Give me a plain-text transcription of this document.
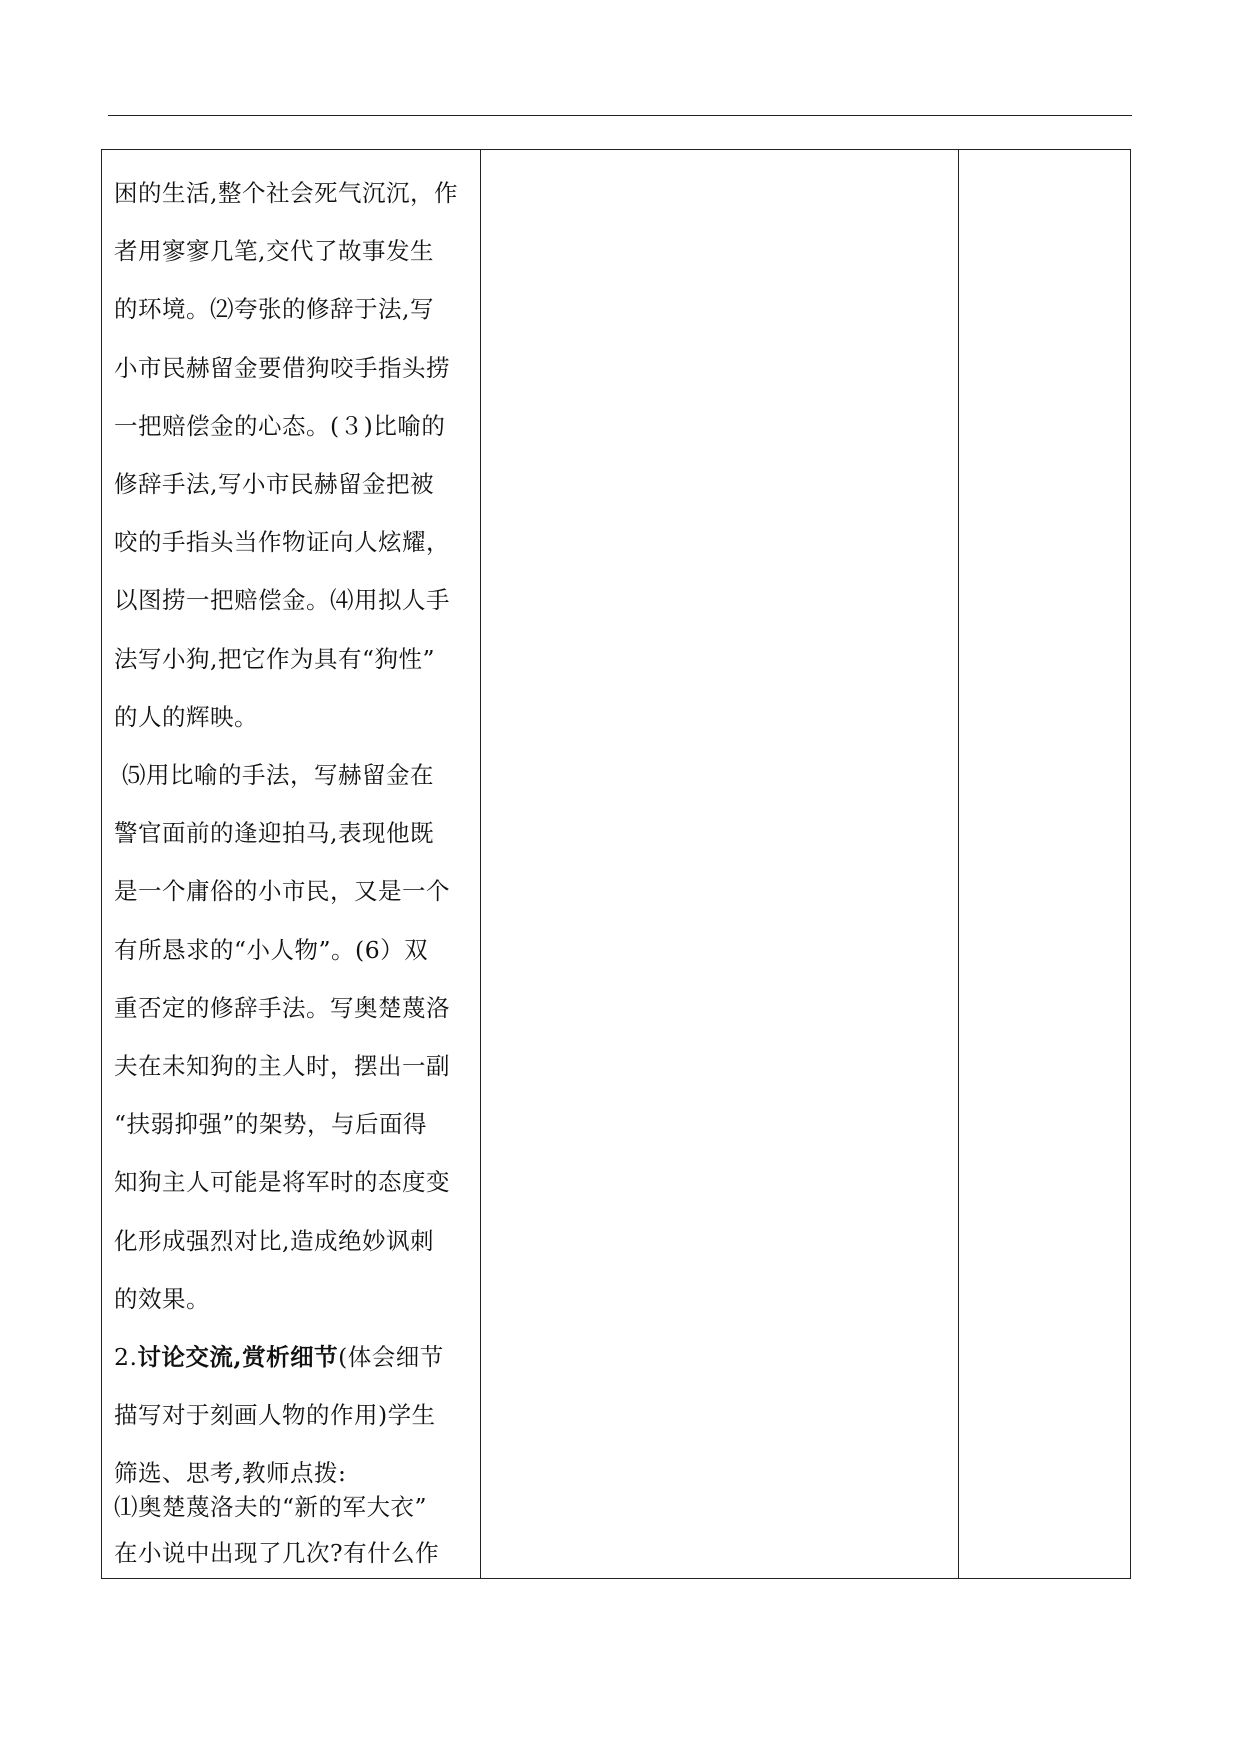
困的生活,整个社会死气沉沉，作

者用寥寥几笔,交代了故事发生

的环境。⑵夸张的修辞于法,写

小市民赫留金要借狗咬手指头捞

一把赔偿金的心态。(３)比喻的

修辞手法,写小市民赫留金把被

咬的手指头当作物证向人炫耀，

以图捞一把赔偿金。⑷用拟人手

法写小狗,把它作为具有“狗性”

的人的辉映。

⑸用比喻的手法，写赫留金在

警官面前的逢迎拍马,表现他既

是一个庸俗的小市民，又是一个

有所恳求的“小人物”。(6）双

重否定的修辞手法。写奥楚蔑洛

夫在未知狗的主人时，摆出一副

“扶弱抑强”的架势，与后面得

知狗主人可能是将军时的态度变

化形成强烈对比,造成绝妙讽刺

的效果。

2.讨论交流,赏析细节(体会细节

描写对于刻画人物的作用)学生

筛选、思考,教师点拨:

⑴奥楚蔑洛夫的“新的军大衣”

在小说中出现了几次?有什么作
